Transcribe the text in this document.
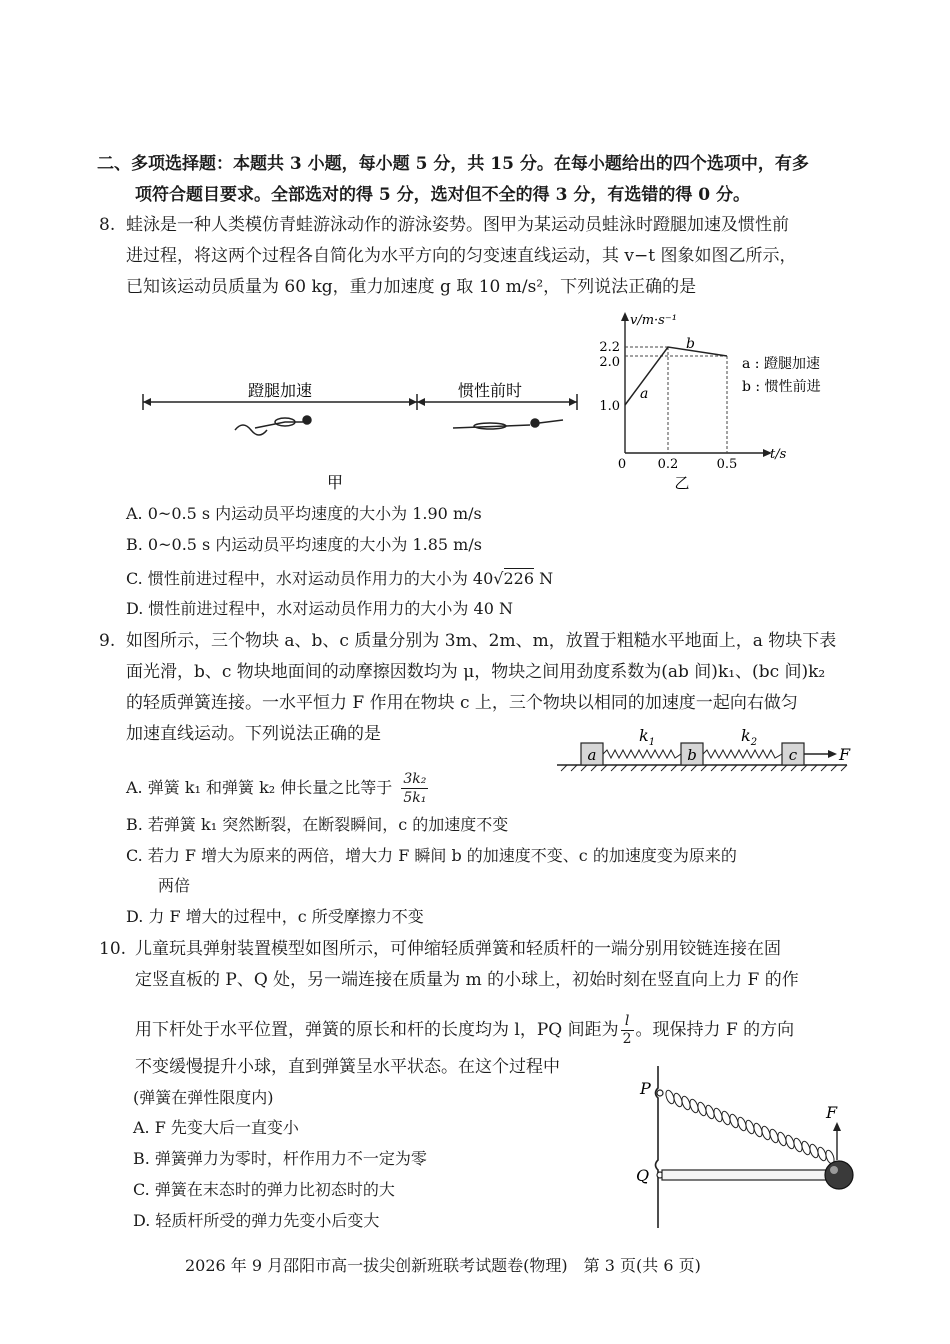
二、多项选择题：本题共 3 小题，每小题 5 分，共 15 分。在每小题给出的四个选项中，有多
项符合题目要求。全部选对的得 5 分，选对但不全的得 3 分，有选错的得 0 分。
8. 蛙泳是一种人类模仿青蛙游泳动作的游泳姿势。图甲为某运动员蛙泳时蹬腿加速及惯性前
进过程，将这两个过程各自简化为水平方向的匀变速直线运动，其 v−t 图象如图乙所示，
已知该运动员质量为 60 kg，重力加速度 g 取 10 m/s²，下列说法正确的是
蹬腿加速	惯性前时
甲
v/m·s⁻¹
t/s
2.2
2.0
1.0
0 0.2	0.5
a
b
a : 蹬腿加速
b : 惯性前进
乙
A. 0~0.5 s 内运动员平均速度的大小为 1.90 m/s
B. 0~0.5 s 内运动员平均速度的大小为 1.85 m/s
C. 惯性前进过程中，水对运动员作用力的大小为 40√226 N
D. 惯性前进过程中，水对运动员作用力的大小为 40 N
9. 如图所示，三个物块 a、b、c 质量分别为 3m、2m、m，放置于粗糙水平地面上，a 物块下表
面光滑，b、c 物块地面间的动摩擦因数均为 μ，物块之间用劲度系数为(ab 间)k₁、(bc 间)k₂
的轻质弹簧连接。一水平恒力 F 作用在物块 c 上，三个物块以相同的加速度一起向右做匀
加速直线运动。下列说法正确的是
a	b	c
$k_1$	$k_2$
F
A. 弹簧 k₁ 和弹簧 k₂ 伸长量之比等于 $\frac{\text{3k₂}}{\text{5k₁}}$
B. 若弹簧 k₁ 突然断裂，在断裂瞬间，c 的加速度不变
C. 若力 F 增大为原来的两倍，增大力 F 瞬间 b 的加速度不变、c 的加速度变为原来的
两倍
D. 力 F 增大的过程中，c 所受摩擦力不变
10. 儿童玩具弹射装置模型如图所示，可伸缩轻质弹簧和轻质杆的一端分别用铰链连接在固
定竖直板的 P、Q 处，另一端连接在质量为 m 的小球上，初始时刻在竖直向上力 F 的作
用下杆处于水平位置，弹簧的原长和杆的长度均为 l，PQ 间距为 $\frac{l}{2}$ 。现保持力 F 的方向
不变缓慢提升小球，直到弹簧呈水平状态。在这个过程中
(弹簧在弹性限度内)	P
Q
F
A. F 先变大后一直变小
B. 弹簧弹力为零时，杆作用力不一定为零
C. 弹簧在末态时的弹力比初态时的大
D. 轻质杆所受的弹力先变小后变大
2026 年 9 月邵阳市高一拔尖创新班联考试题卷(物理)　第 3 页(共 6 页)
